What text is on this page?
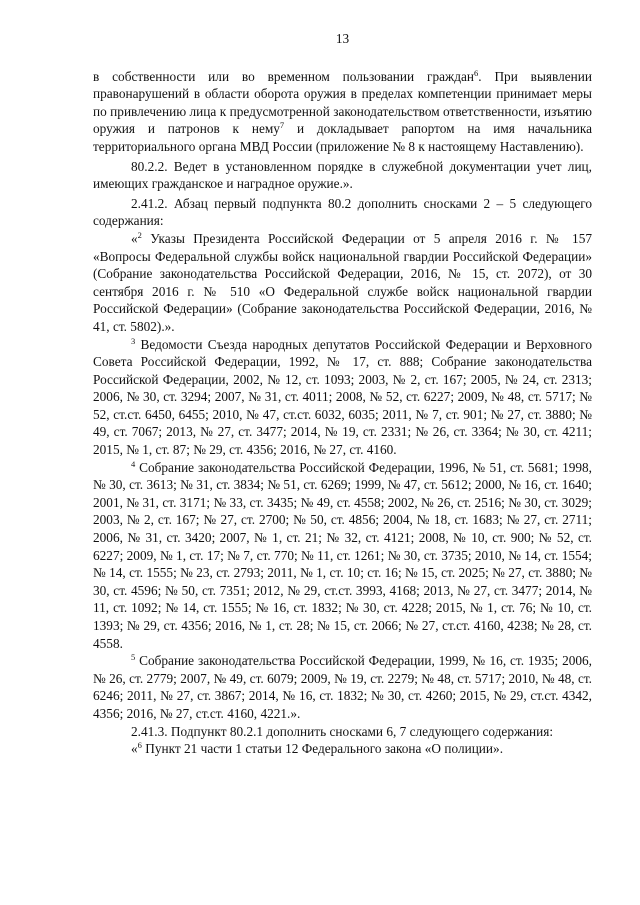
13

в собственности или во временном пользовании граждан$^6$. При выявлении правонарушений в области оборота оружия в пределах компетенции принимает меры по привлечению лица к предусмотренной законодательством ответственности, изъятию оружия и патронов к нему$^7$ и докладывает рапортом на имя начальника территориального органа МВД России (приложение № 8 к настоящему Наставлению).

80.2.2. Ведет в установленном порядке в служебной документации учет лиц, имеющих гражданское и наградное оружие.».

2.41.2. Абзац первый подпункта 80.2 дополнить сносками 2 – 5 следующего содержания:

«$^2$ Указы Президента Российской Федерации от 5 апреля 2016 г. № 157 «Вопросы Федеральной службы войск национальной гвардии Российской Федерации» (Собрание законодательства Российской Федерации, 2016, № 15, ст. 2072), от 30 сентября 2016 г. № 510 «О Федеральной службе войск национальной гвардии Российской Федерации» (Собрание законодательства Российской Федерации, 2016, № 41, ст. 5802).».

$^3$ Ведомости Съезда народных депутатов Российской Федерации и Верховного Совета Российской Федерации, 1992, № 17, ст. 888; Собрание законодательства Российской Федерации, 2002, № 12, ст. 1093; 2003, № 2, ст. 167; 2005, № 24, ст. 2313; 2006, № 30, ст. 3294; 2007, № 31, ст. 4011; 2008, № 52, ст. 6227; 2009, № 48, ст. 5717; № 52, ст.ст. 6450, 6455; 2010, № 47, ст.ст. 6032, 6035; 2011, № 7, ст. 901; № 27, ст. 3880; № 49, ст. 7067; 2013, № 27, ст. 3477; 2014, № 19, ст. 2331; № 26, ст. 3364; № 30, ст. 4211; 2015, № 1, ст. 87; № 29, ст. 4356; 2016, № 27, ст. 4160.

$^4$ Собрание законодательства Российской Федерации, 1996, № 51, ст. 5681; 1998, № 30, ст. 3613; № 31, ст. 3834; № 51, ст. 6269; 1999, № 47, ст. 5612; 2000, № 16, ст. 1640; 2001, № 31, ст. 3171; № 33, ст. 3435; № 49, ст. 4558; 2002, № 26, ст. 2516; № 30, ст. 3029; 2003, № 2, ст. 167; № 27, ст. 2700; № 50, ст. 4856; 2004, № 18, ст. 1683; № 27, ст. 2711; 2006, № 31, ст. 3420; 2007, № 1, ст. 21; № 32, ст. 4121; 2008, № 10, ст. 900; № 52, ст. 6227; 2009, № 1, ст. 17; № 7, ст. 770; № 11, ст. 1261; № 30, ст. 3735; 2010, № 14, ст. 1554; № 14, ст. 1555; № 23, ст. 2793; 2011, № 1, ст. 10; ст. 16; № 15, ст. 2025; № 27, ст. 3880; № 30, ст. 4596; № 50, ст. 7351; 2012, № 29, ст.ст. 3993, 4168; 2013, № 27, ст. 3477; 2014, № 11, ст. 1092; № 14, ст. 1555; № 16, ст. 1832; № 30, ст. 4228; 2015, № 1, ст. 76; № 10, ст. 1393; № 29, ст. 4356; 2016, № 1, ст. 28; № 15, ст. 2066; № 27, ст.ст. 4160, 4238; № 28, ст. 4558.

$^5$ Собрание законодательства Российской Федерации, 1999, № 16, ст. 1935; 2006, № 26, ст. 2779; 2007, № 49, ст. 6079; 2009, № 19, ст. 2279; № 48, ст. 5717; 2010, № 48, ст. 6246; 2011, № 27, ст. 3867; 2014, № 16, ст. 1832; № 30, ст. 4260; 2015, № 29, ст.ст. 4342, 4356; 2016, № 27, ст.ст. 4160, 4221.».

2.41.3. Подпункт 80.2.1 дополнить сносками 6, 7 следующего содержания:

«$^6$ Пункт 21 части 1 статьи 12 Федерального закона «О полиции».
